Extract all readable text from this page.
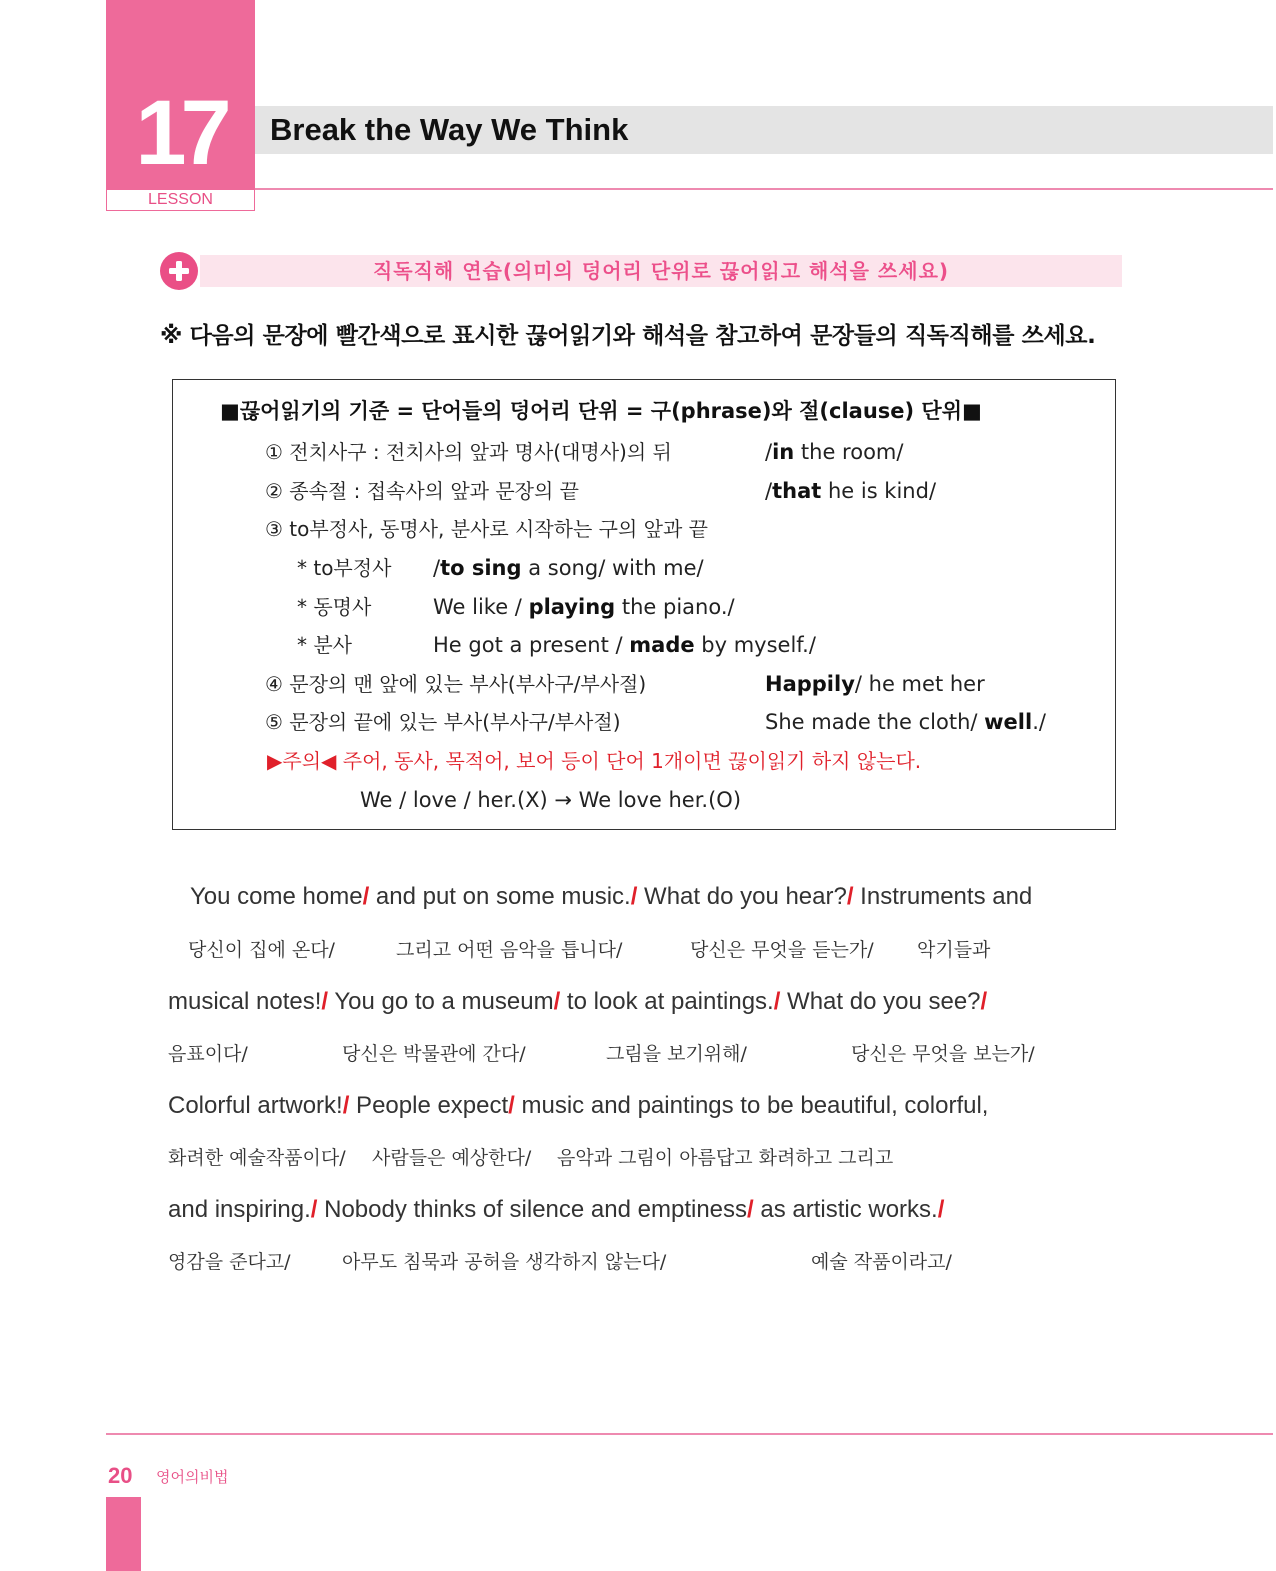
17
LESSON
Break the Way We Think
직독직해 연습(의미의 덩어리 단위로 끊어읽고 해석을 쓰세요)
※ 다음의 문장에 빨간색으로 표시한 끊어읽기와 해석을 참고하여 문장들의 직독직해를 쓰세요.
■끊어읽기의 기준 = 단어들의 덩어리 단위 = 구(phrase)와 절(clause) 단위■
① 전치사구 : 전치사의 앞과 명사(대명사)의 뒤	/in the room/
② 종속절 : 접속사의 앞과 문장의 끝	/that he is kind/
③ to부정사, 동명사, 분사로 시작하는 구의 앞과 끝
* to부정사 /to sing a song/ with me/
* 동명사	We like / playing the piano./
* 분사	He got a present / made by myself./
④ 문장의 맨 앞에 있는 부사(부사구/부사절)	Happily/ he met her
⑤ 문장의 끝에 있는 부사(부사구/부사절)	She made the cloth/ well./
▶주의◀ 주어, 동사, 목적어, 보어 등이 단어 1개이면 끊이읽기 하지 않는다.
We / love / her.(X) → We love her.(O)
You come home/ and put on some music./ What do you hear?/ Instruments and
당신이 집에 온다/	그리고 어떤 음악을 틉니다/	당신은 무엇을 듣는가/ 악기들과
musical notes!/ You go to a museum/ to look at paintings./ What do you see?/
음표이다/	당신은 박물관에 간다/	그림을 보기위해/	당신은 무엇을 보는가/
Colorful artwork!/ People expect/ music and paintings to be beautiful, colorful,
화려한 예술작품이다/ 사람들은 예상한다/ 음악과 그림이 아름답고 화려하고 그리고
and inspiring./ Nobody thinks of silence and emptiness/ as artistic works./
영감을 준다고/	아무도 침묵과 공허을 생각하지 않는다/	예술 작품이라고/
20 영어의비법
